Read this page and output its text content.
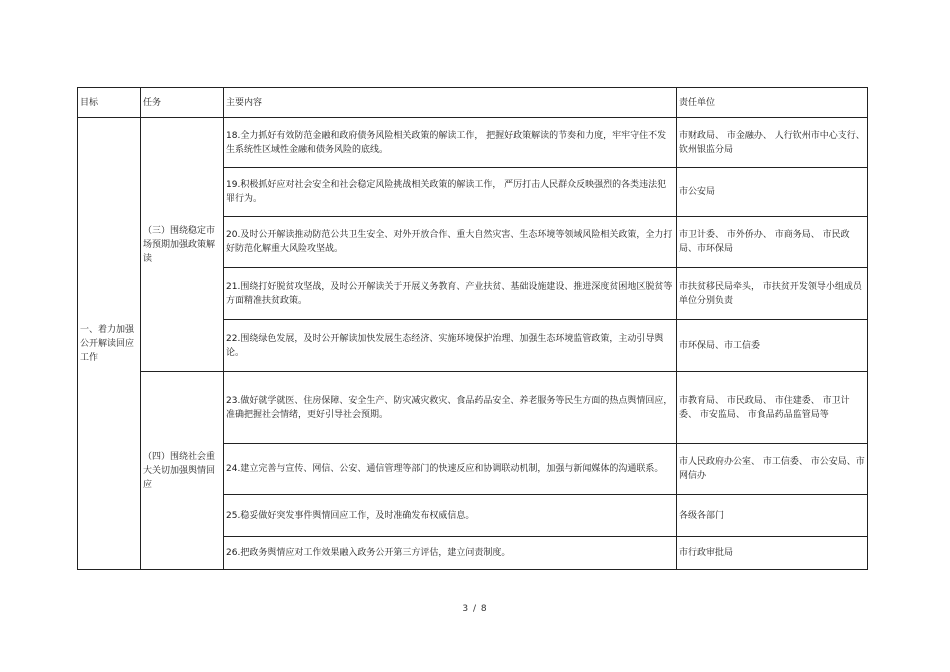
目标	任务	主要内容	责任单位
一、着力加强公开解读回应工作	（三）围绕稳定市场预期加强政策解读	18.全力抓好有效防范金融和政府债务风险相关政策的解读工作， 把握好政策解读的节奏和力度，牢牢守住不发生系统性区域性金融和债务风险的底线。	市财政局、 市金融办、 人行钦州市中心支行、钦州银监分局
		19.积极抓好应对社会安全和社会稳定风险挑战相关政策的解读工作， 严厉打击人民群众反映强烈的各类违法犯罪行为。	市公安局
		20.及时公开解读推动防范公共卫生安全、对外开放合作、重大自然灾害、生态环境等领域风险相关政策，全力打好防范化解重大风险攻坚战。	市卫计委、 市外侨办、 市商务局、 市民政局、市环保局
		21.围绕打好脱贫攻坚战，及时公开解读关于开展义务教育、产业扶贫、基础设施建设、推进深度贫困地区脱贫等方面精准扶贫政策。	市扶贫移民局牵头， 市扶贫开发领导小组成员单位分别负责
		22.围绕绿色发展，及时公开解读加快发展生态经济、实施环境保护治理、加强生态环境监管政策，主动引导舆论。	市环保局、市工信委
	（四）围绕社会重大关切加强舆情回应	23.做好就学就医、住房保障、安全生产、防灾减灾救灾、食品药品安全、养老服务等民生方面的热点舆情回应，准确把握社会情绪，更好引导社会预期。	市教育局、 市民政局、 市住建委、 市卫计委、 市安监局、 市食品药品监管局等
		24.建立完善与宣传、网信、公安、通信管理等部门的快速反应和协调联动机制，加强与新闻媒体的沟通联系。	市人民政府办公室、 市工信委、 市公安局、市网信办
		25.稳妥做好突发事件舆情回应工作，及时准确发布权威信息。	各级各部门
		26.把政务舆情应对工作效果融入政务公开第三方评估，建立问责制度。	市行政审批局
3 / 8
